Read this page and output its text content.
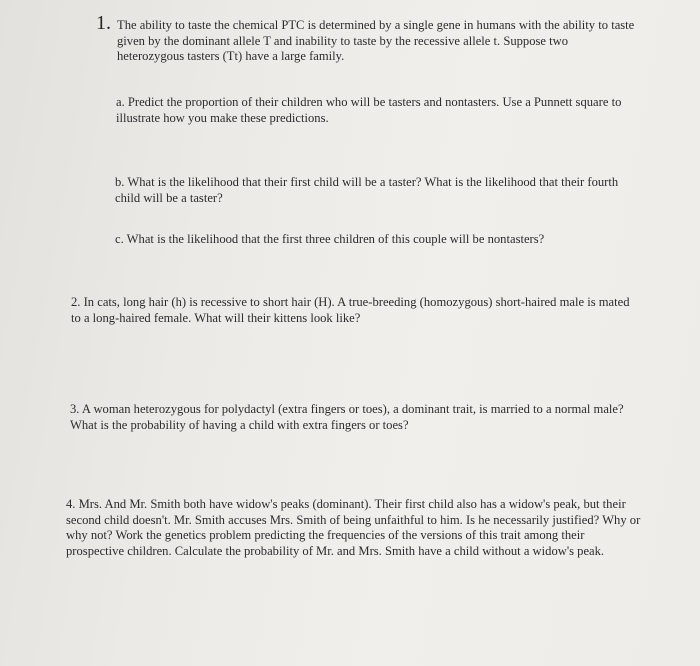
1. The ability to taste the chemical PTC is determined by a single gene in humans with the ability to taste given by the dominant allele T and inability to taste by the recessive allele t. Suppose two heterozygous tasters (Tt) have a large family.

a. Predict the proportion of their children who will be tasters and nontasters. Use a Punnett square to illustrate how you make these predictions.

b. What is the likelihood that their first child will be a taster? What is the likelihood that their fourth child will be a taster?

c. What is the likelihood that the first three children of this couple will be nontasters?

2. In cats, long hair (h) is recessive to short hair (H). A true-breeding (homozygous) short-haired male is mated to a long-haired female. What will their kittens look like?

3. A woman heterozygous for polydactyl (extra fingers or toes), a dominant trait, is married to a normal male? What is the probability of having a child with extra fingers or toes?

4. Mrs. And Mr. Smith both have widow's peaks (dominant). Their first child also has a widow's peak, but their second child doesn't. Mr. Smith accuses Mrs. Smith of being unfaithful to him. Is he necessarily justified? Why or why not? Work the genetics problem predicting the frequencies of the versions of this trait among their prospective children. Calculate the probability of Mr. and Mrs. Smith have a child without a widow's peak.
